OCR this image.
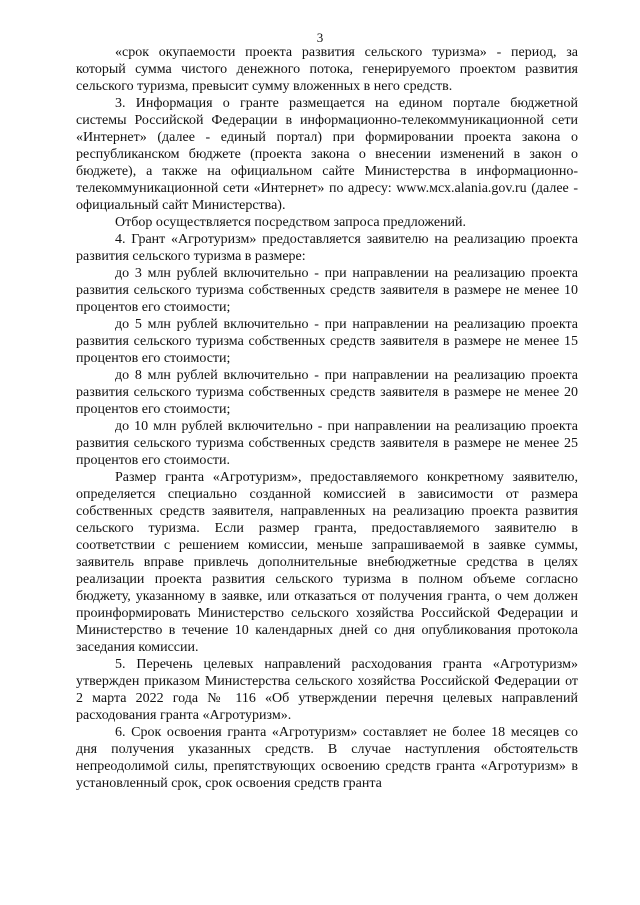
3

«срок окупаемости проекта развития сельского туризма» - период, за который сумма чистого денежного потока, генерируемого проектом развития сельского туризма, превысит сумму вложенных в него средств.

3. Информация о гранте размещается на едином портале бюджетной системы Российской Федерации в информационно-телекоммуникационной сети «Интернет» (далее - единый портал) при формировании проекта закона о республиканском бюджете (проекта закона о внесении изменений в закон о бюджете), а также на официальном сайте Министерства в информационно-телекоммуникационной сети «Интернет» по адресу: www.мсх.alania.gov.ru (далее - официальный сайт Министерства).

Отбор осуществляется посредством запроса предложений.

4. Грант «Агротуризм» предоставляется заявителю на реализацию проекта развития сельского туризма в размере:

до 3 млн рублей включительно - при направлении на реализацию проекта развития сельского туризма собственных средств заявителя в размере не менее 10 процентов его стоимости;

до 5 млн рублей включительно - при направлении на реализацию проекта развития сельского туризма собственных средств заявителя в размере не менее 15 процентов его стоимости;

до 8 млн рублей включительно - при направлении на реализацию проекта развития сельского туризма собственных средств заявителя в размере не менее 20 процентов его стоимости;

до 10 млн рублей включительно - при направлении на реализацию проекта развития сельского туризма собственных средств заявителя в размере не менее 25 процентов его стоимости.

Размер гранта «Агротуризм», предоставляемого конкретному заявителю, определяется специально созданной комиссией в зависимости от размера собственных средств заявителя, направленных на реализацию проекта развития сельского туризма. Если размер гранта, предоставляемого заявителю в соответствии с решением комиссии, меньше запрашиваемой в заявке суммы, заявитель вправе привлечь дополнительные внебюджетные средства в целях реализации проекта развития сельского туризма в полном объеме согласно бюджету, указанному в заявке, или отказаться от получения гранта, о чем должен проинформировать Министерство сельского хозяйства Российской Федерации и Министерство в течение 10 календарных дней со дня опубликования протокола заседания комиссии.

5. Перечень целевых направлений расходования гранта «Агротуризм» утвержден приказом Министерства сельского хозяйства Российской Федерации от 2 марта 2022 года № 116 «Об утверждении перечня целевых направлений расходования гранта «Агротуризм».

6. Срок освоения гранта «Агротуризм» составляет не более 18 месяцев со дня получения указанных средств. В случае наступления обстоятельств непреодолимой силы, препятствующих освоению средств гранта «Агротуризм» в установленный срок, срок освоения средств гранта
